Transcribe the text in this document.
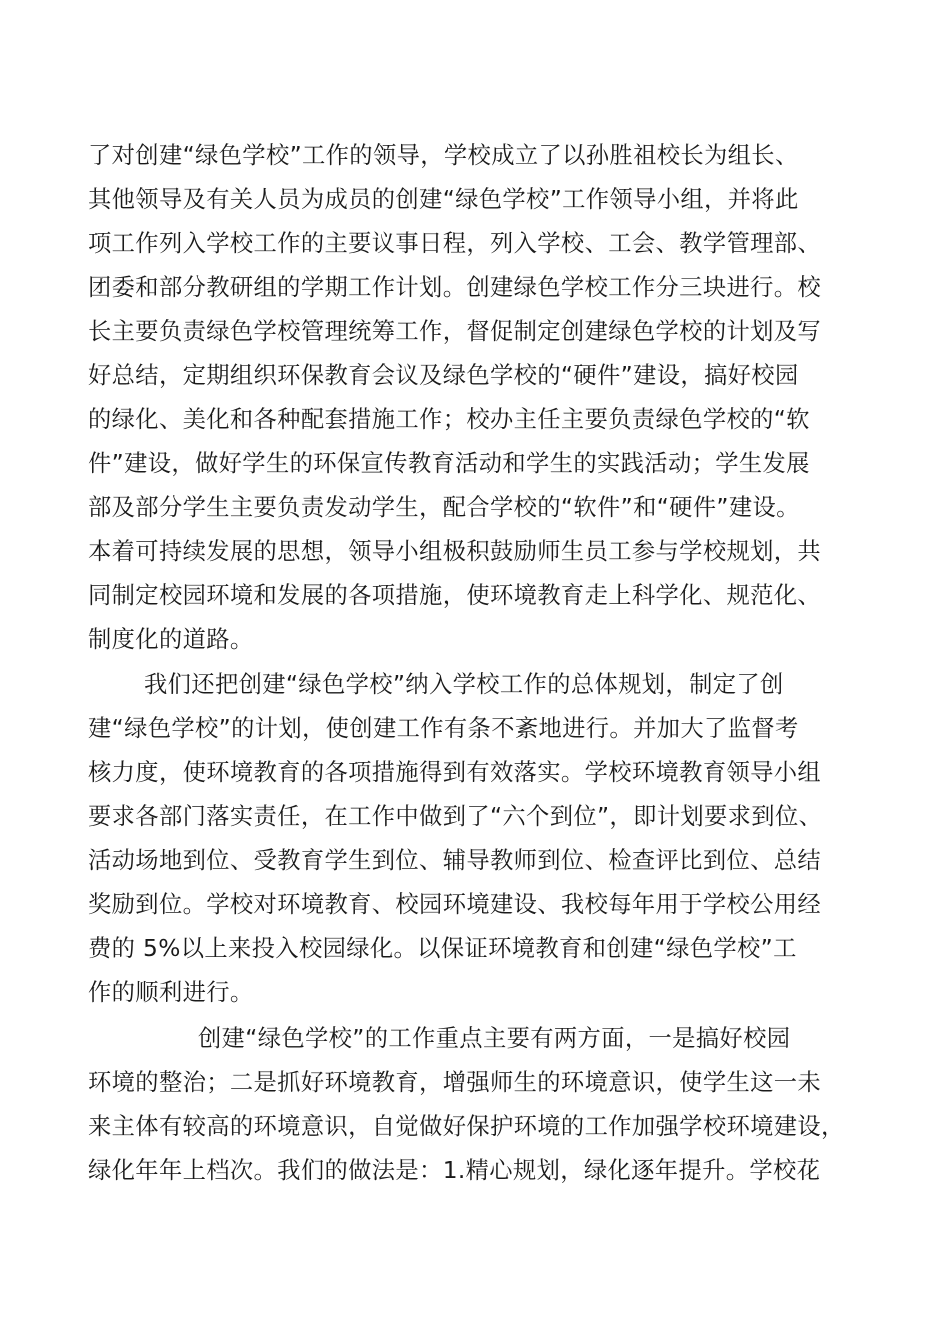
了对创建“绿色学校”工作的领导，学校成立了以孙胜祖校长为组长、
其他领导及有关人员为成员的创建“绿色学校”工作领导小组，并将此
项工作列入学校工作的主要议事日程，列入学校、工会、教学管理部、
团委和部分教研组的学期工作计划。创建绿色学校工作分三块进行。校
长主要负责绿色学校管理统筹工作，督促制定创建绿色学校的计划及写
好总结，定期组织环保教育会议及绿色学校的“硬件”建设，搞好校园
的绿化、美化和各种配套措施工作；校办主任主要负责绿色学校的“软
件”建设，做好学生的环保宣传教育活动和学生的实践活动；学生发展
部及部分学生主要负责发动学生，配合学校的“软件”和“硬件”建设。
本着可持续发展的思想，领导小组极积鼓励师生员工参与学校规划，共
同制定校园环境和发展的各项措施，使环境教育走上科学化、规范化、
制度化的道路。
我们还把创建“绿色学校”纳入学校工作的总体规划，制定了创
建“绿色学校”的计划，使创建工作有条不紊地进行。并加大了监督考
核力度，使环境教育的各项措施得到有效落实。学校环境教育领导小组
要求各部门落实责任，在工作中做到了“六个到位”，即计划要求到位、
活动场地到位、受教育学生到位、辅导教师到位、检查评比到位、总结
奖励到位。学校对环境教育、校园环境建设、我校每年用于学校公用经
费的 5%以上来投入校园绿化。以保证环境教育和创建“绿色学校”工
作的顺利进行。
创建“绿色学校”的工作重点主要有两方面，一是搞好校园
环境的整治；二是抓好环境教育，增强师生的环境意识，使学生这一未
来主体有较高的环境意识，自觉做好保护环境的工作加强学校环境建设，
绿化年年上档次。我们的做法是：1.精心规划，绿化逐年提升。学校花
